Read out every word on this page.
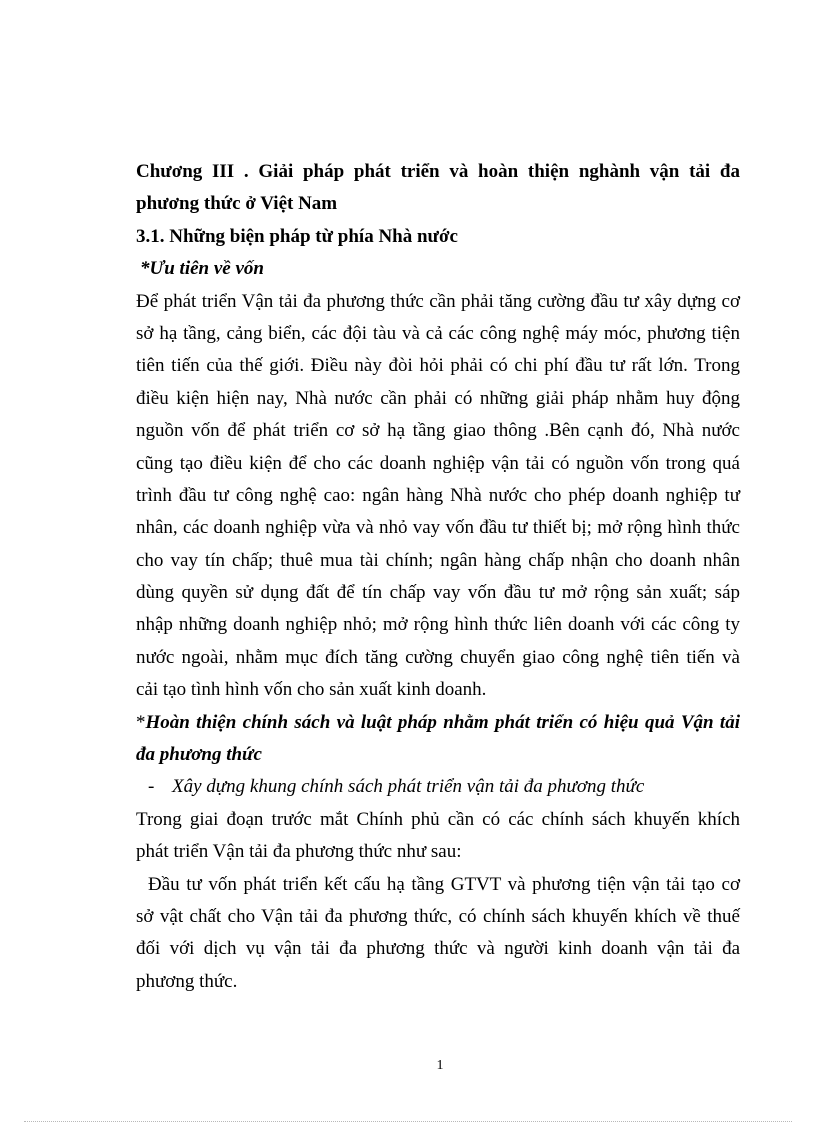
Chương III . Giải pháp phát triển và hoàn thiện nghành vận tải đa
phương thức ở Việt Nam
3.1. Những biện pháp từ phía Nhà nước
*Ưu tiên về vốn
Để phát triển Vận tải đa phương thức cần phải tăng cường đầu tư xây dựng cơ
sở hạ tầng, cảng biển, các đội tàu và cả các công nghệ máy móc, phương tiện
tiên tiến của thế giới. Điều này đòi hỏi phải có chi phí đầu tư rất lớn. Trong
điều kiện hiện nay, Nhà nước cần phải có những giải pháp nhằm huy động
nguồn vốn để phát triển cơ sở hạ tầng giao thông .Bên cạnh đó, Nhà nước
cũng tạo điều kiện để cho các doanh nghiệp vận tải có nguồn vốn trong quá
trình đầu tư công nghệ cao: ngân hàng Nhà nước cho phép doanh nghiệp tư
nhân, các doanh nghiệp vừa và nhỏ vay vốn đầu tư thiết bị; mở rộng hình thức
cho vay tín chấp; thuê mua tài chính; ngân hàng chấp nhận cho doanh nhân
dùng quyền sử dụng đất để tín chấp vay vốn đầu tư mở rộng sản xuất; sáp
nhập những doanh nghiệp nhỏ; mở rộng hình thức liên doanh với các công ty
nước ngoài, nhằm mục đích tăng cường chuyển giao công nghệ tiên tiến và
cải tạo tình hình vốn cho sản xuất kinh doanh.
*Hoàn thiện chính sách và luật pháp nhằm phát triển có hiệu quả Vận tải
đa phương thức
- Xây dựng khung chính sách phát triển vận tải đa phương thức
Trong giai đoạn trước mắt Chính phủ cần có các chính sách khuyến khích
phát triển Vận tải đa phương thức như sau:
Đầu tư vốn phát triển kết cấu hạ tầng GTVT và phương tiện vận tải tạo cơ
sở vật chất cho Vận tải đa phương thức, có chính sách khuyến khích về thuế
đối với dịch vụ vận tải đa phương thức và người kinh doanh vận tải đa
phương thức.
1
